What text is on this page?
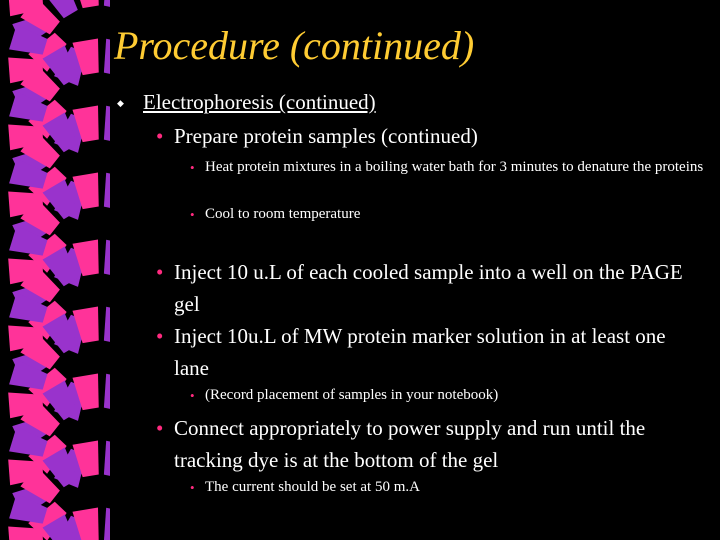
Procedure (continued)
◆ Electrophoresis (continued)
• Prepare protein samples (continued)
• Heat protein mixtures in a boiling water bath for 3 minutes to denature the proteins
• Cool to room temperature
• Inject 10 u.L of each cooled sample into a well on the PAGE gel
• Inject 10u.L of MW protein marker solution in at least one lane
• (Record placement of samples in your notebook)
• Connect appropriately to power supply and run until the tracking dye is at the bottom of the gel
• The current should be set at 50 m.A
